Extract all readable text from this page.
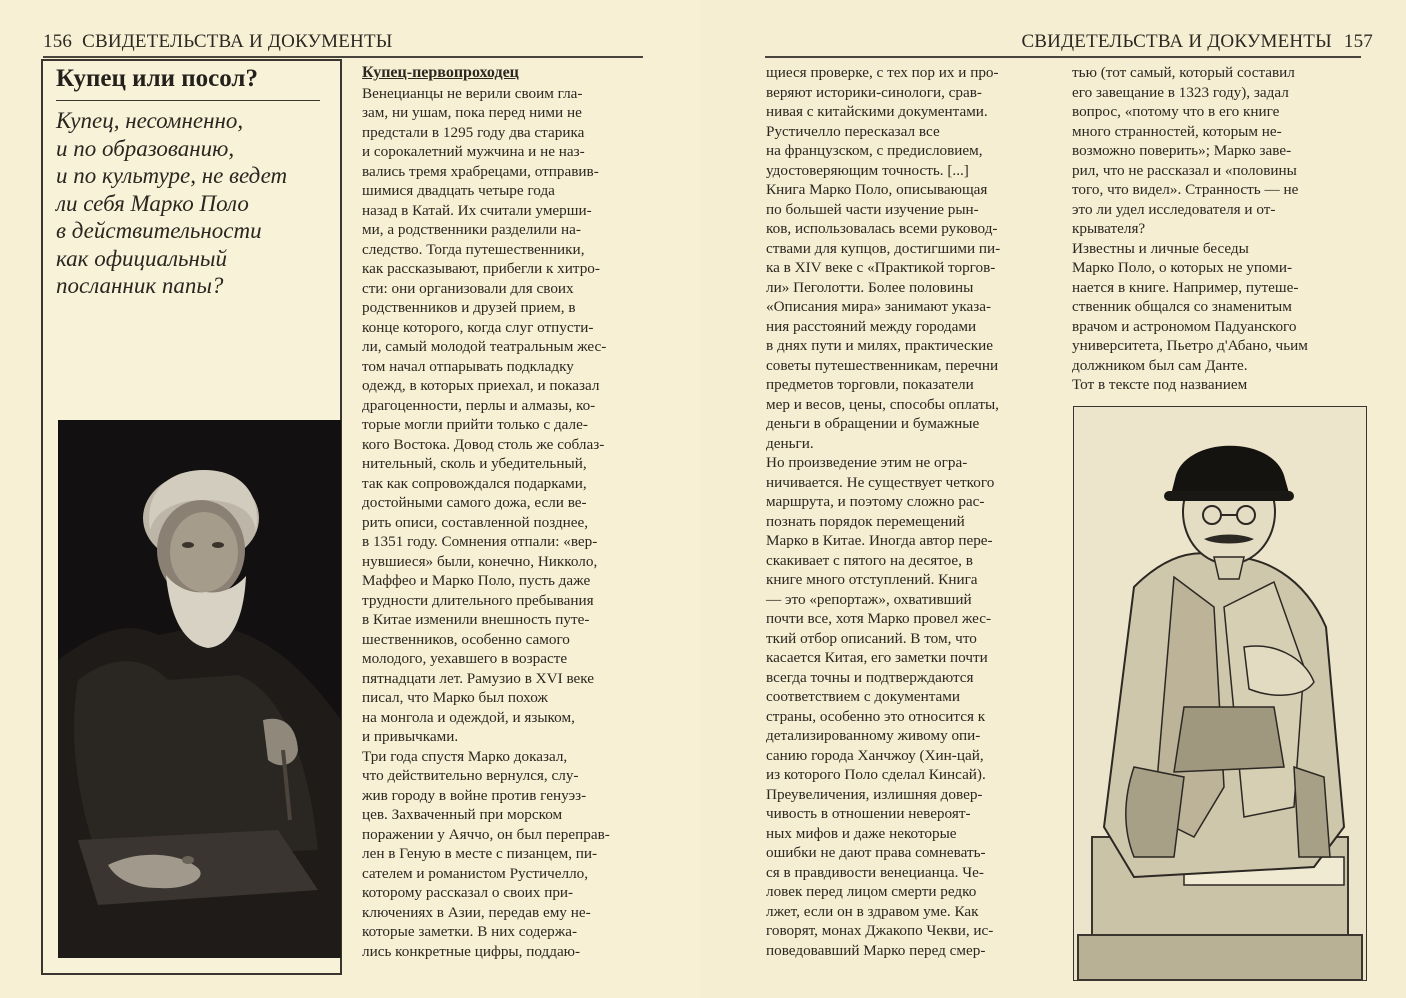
156 СВИДЕТЕЛЬСТВА И ДОКУМЕНТЫ
Купец или посол?

Купец, несомненно,
и по образованию,
и по культуре, не ведет
ли себя Марко Поло
в действительности
как официальный
посланник папы?

Купец-первопроходец
Венецианцы не верили своим гла-
зам, ни ушам, пока перед ними не
предстали в 1295 году два старика
и сорокалетний мужчина и не наз-
вались тремя храбрецами, отправив-
шимися двадцать четыре года
назад в Катай. Их считали умерши-
ми, а родственники разделили на-
следство. Тогда путешественники,
как рассказывают, прибегли к хитро-
сти: они организовали для своих
родственников и друзей прием, в
конце которого, когда слуг отпусти-
ли, самый молодой театральным жес-
том начал отпарывать подкладку
одежд, в которых приехал, и показал
драгоценности, перлы и алмазы, ко-
торые могли прийти только с дале-
кого Востока. Довод столь же соблаз-
нительный, сколь и убедительный,
так как сопровождался подарками,
достойными самого дожа, если ве-
рить описи, составленной позднее,
в 1351 году. Сомнения отпали: «вер-
нувшиеся» были, конечно, Никколо,
Маффео и Марко Поло, пусть даже
трудности длительного пребывания
в Китае изменили внешность путе-
шественников, особенно самого
молодого, уехавшего в возрасте
пятнадцати лет. Рамузио в XVI веке
писал, что Марко был похож
на монгола и одеждой, и языком,
и привычками.
Три года спустя Марко доказал,
что действительно вернулся, слу-
жив городу в войне против генуэз-
цев. Захваченный при морском
поражении у Аяччо, он был перепрaв-
лен в Геную в месте с пизанцем, пи-
сателем и романистом Рустичелло,
которому рассказал о своих при-
ключениях в Азии, передав ему не-
которые заметки. В них содержа-
лись конкретные цифры, поддаю-
СВИДЕТЕЛЬСТВА И ДОКУМЕНТЫ 157
щиеся проверке, с тех пор их и про-
веряют историки-синологи, срав-
нивая с китайскими документами.
Рустичелло пересказал все
на французском, с предисловием,
удостоверяющим точность. [...]
Книга Марко Поло, описывающая
по большей части изучение рын-
ков, использовалась всеми руковод-
ствами для купцов, достигшими пи-
ка в XIV веке с «Практикой торгов-
ли» Пеголотти. Более половины
«Описания мира» занимают указа-
ния расстояний между городами
в днях пути и милях, практические
советы путешественникам, перечни
предметов торговли, показатели
мер и весов, цены, способы оплаты,
деньги в обращении и бумажные
деньги.
Но произведение этим не огра-
ничивается. Не существует четкого
маршрута, и поэтому сложно рас-
познать порядок перемещений
Марко в Китае. Иногда автор пере-
скакивает с пятого на десятое, в
книге много отступлений. Книга
— это «репортаж», охвативший
почти все, хотя Марко провел жес-
ткий отбор описаний. В том, что
касается Китая, его заметки почти
всегда точны и подтверждаются
соответствием с документами
страны, особенно это относится к
детализированному живому опи-
санию города Ханчжоу (Хин-цай,
из которого Поло сделал Кинсай).
Преувеличения, излишняя довер-
чивость в отношении невероят-
ных мифов и даже некоторые
ошибки не дают права сомневать-
ся в правдивости венецианца. Че-
ловек перед лицом смерти редко
лжет, если он в здравом уме. Как
говорят, монах Джакопо Чекви, ис-
поведовавший Марко перед смер-
тью (тот самый, который составил
его завещание в 1323 году), задал
вопрос, «потому что в его книге
много странностей, которым не-
возможно поверить»; Марко заве-
рил, что не рассказал и «половины
того, что видел». Странность — не
это ли удел исследователя и от-
крывателя?
Известны и личные беседы
Марко Поло, о которых не упоми-
нается в книге. Например, путеше-
ственник общался со знаменитым
врачом и астрономом Падуанского
университета, Пьетро д'Абано, чьим
должником был сам Данте.
Тот в тексте под названием
